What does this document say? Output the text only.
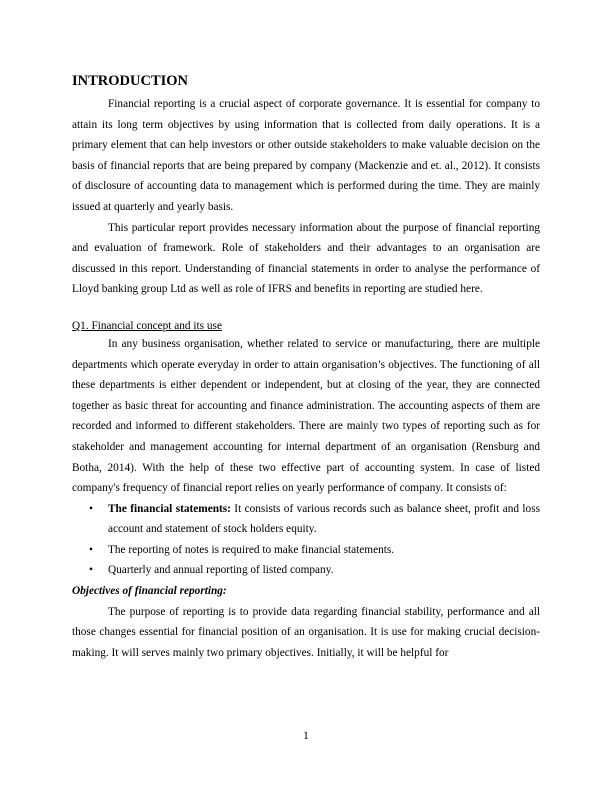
INTRODUCTION

Financial reporting is a crucial aspect of corporate governance. It is essential for company to attain its long term objectives by using information that is collected from daily operations. It is a primary element that can help investors or other outside stakeholders to make valuable decision on the basis of financial reports that are being prepared by company (Mackenzie and et. al., 2012). It consists of disclosure of accounting data to management which is performed during the time. They are mainly issued at quarterly and yearly basis.

This particular report provides necessary information about the purpose of financial reporting and evaluation of framework. Role of stakeholders and their advantages to an organisation are discussed in this report. Understanding of financial statements in order to analyse the performance of Lloyd banking group Ltd as well as role of IFRS and benefits in reporting are studied here.

Q1. Financial concept and its use

In any business organisation, whether related to service or manufacturing, there are multiple departments which operate everyday in order to attain organisation’s objectives. The functioning of all these departments is either dependent or independent, but at closing of the year, they are connected together as basic threat for accounting and finance administration. The accounting aspects of them are recorded and informed to different stakeholders. There are mainly two types of reporting such as for stakeholder and management accounting for internal department of an organisation (Rensburg and Botha, 2014). With the help of these two effective part of accounting system. In case of listed company's frequency of financial report relies on yearly performance of company. It consists of:

• The financial statements: It consists of various records such as balance sheet, profit and loss account and statement of stock holders equity.
• The reporting of notes is required to make financial statements.
• Quarterly and annual reporting of listed company.
Objectives of financial reporting:

The purpose of reporting is to provide data regarding financial stability, performance and all those changes essential for financial position of an organisation. It is use for making crucial decision-making. It will serves mainly two primary objectives. Initially, it will be helpful for

1
